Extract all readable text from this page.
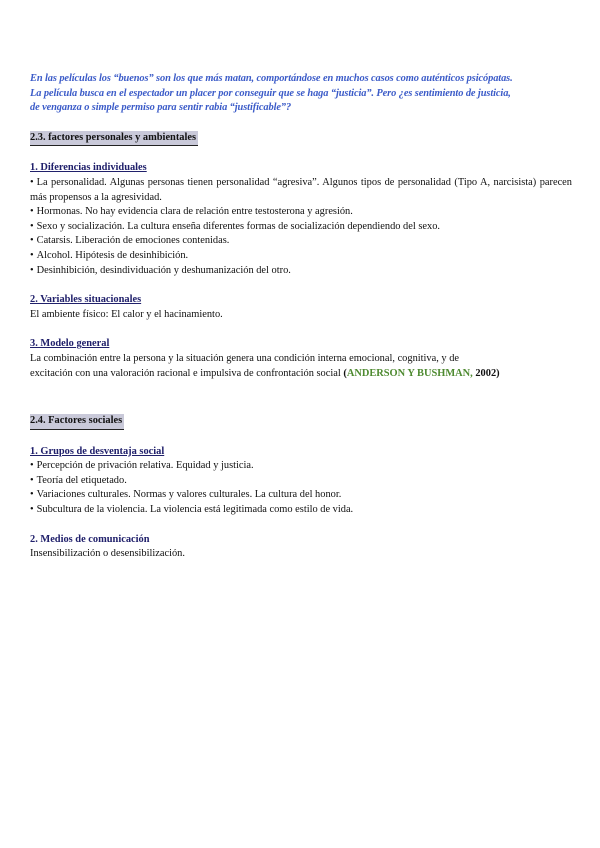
En las películas los “buenos” son los que más matan, comportándose en muchos casos como auténticos psicópatas.

La película busca en el espectador un placer por conseguir que se haga “justicia”. Pero ¿es sentimiento de justicia,

de venganza o simple permiso para sentir rabia “justificable”?

2.3. factores personales y ambientales
1. Diferencias individuales

• La personalidad. Algunas personas tienen personalidad “agresiva”. Algunos tipos de personalidad (Tipo A, narcisista) parecen más propensos a la agresividad.

• Hormonas. No hay evidencia clara de relación entre testosterona y agresión.

• Sexo y socialización. La cultura enseña diferentes formas de socialización dependiendo del sexo.

• Catarsis. Liberación de emociones contenidas.

• Alcohol. Hipótesis de desinhibición.

• Desinhibición, desindividuación y deshumanización del otro.

2. Variables situacionales

El ambiente físico: El calor y el hacinamiento.

3. Modelo general

La combinación entre la persona y la situación genera una condición interna emocional, cognitiva, y de

excitación con una valoración racional e impulsiva de confrontación social (ANDERSON Y BUSHMAN, 2002)

2.4. Factores sociales
1. Grupos de desventaja social

• Percepción de privación relativa. Equidad y justicia.

• Teoría del etiquetado.

• Variaciones culturales. Normas y valores culturales. La cultura del honor.

• Subcultura de la violencia. La violencia está legitimada como estilo de vida.

2. Medios de comunicación

Insensibilización o desensibilización.
